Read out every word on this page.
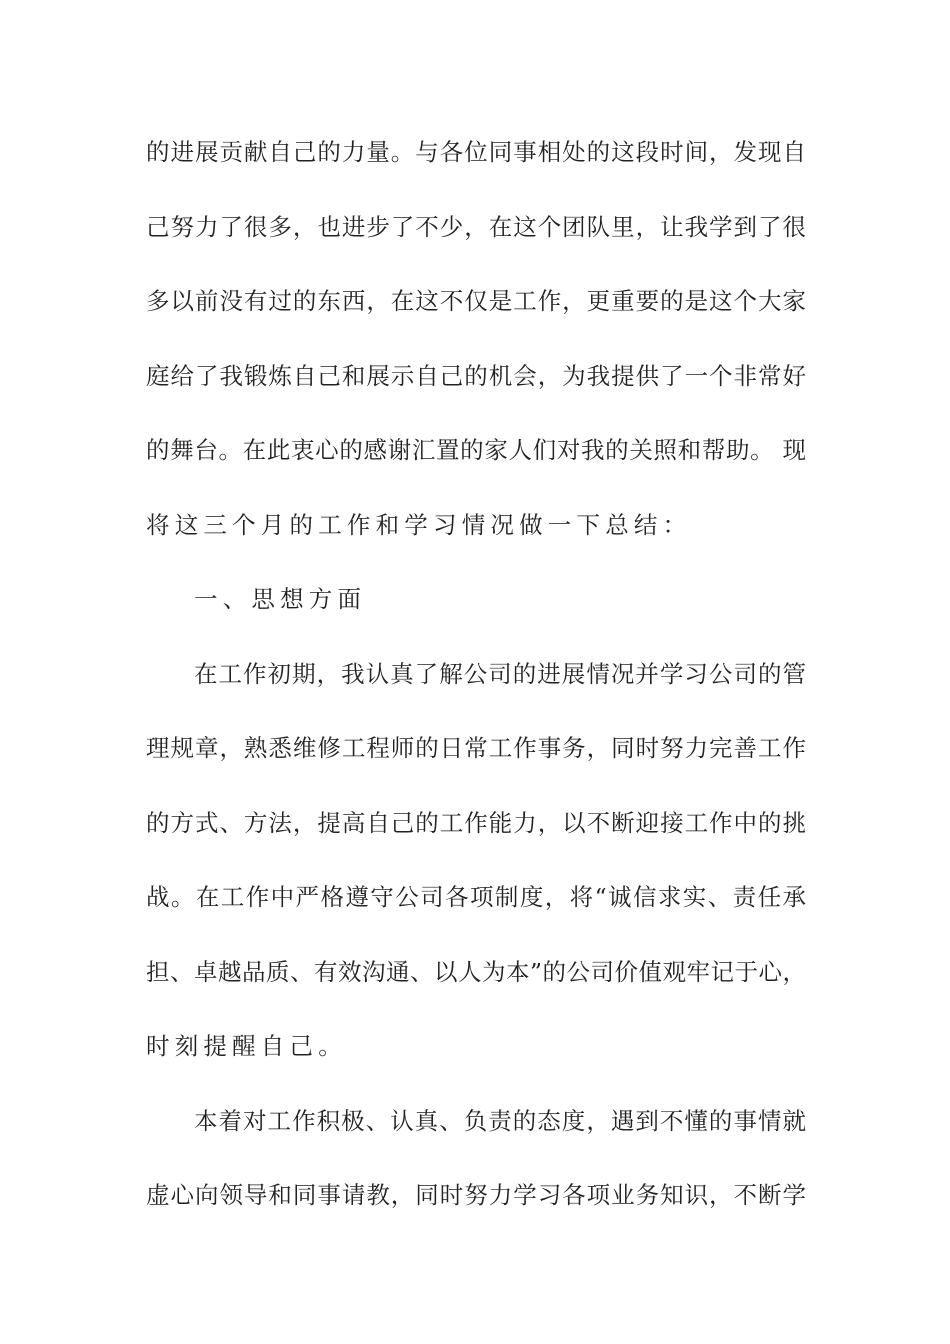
的进展贡献自己的力量。与各位同事相处的这段时间，发现自
己努力了很多，也进步了不少，在这个团队里，让我学到了很
多以前没有过的东西，在这不仅是工作，更重要的是这个大家
庭给了我锻炼自己和展示自己的机会，为我提供了一个非常好
的舞台。在此衷心的感谢汇置的家人们对我的关照和帮助。 现
将这三个月的工作和学习情况做一下总结：
一、思想方面
在工作初期，我认真了解公司的进展情况并学习公司的管
理规章，熟悉维修工程师的日常工作事务，同时努力完善工作
的方式、方法，提高自己的工作能力，以不断迎接工作中的挑
战。在工作中严格遵守公司各项制度，将“诚信求实、责任承
担、卓越品质、有效沟通、以人为本”的公司价值观牢记于心，
时刻提醒自己。
本着对工作积极、认真、负责的态度，遇到不懂的事情就
虚心向领导和同事请教，同时努力学习各项业务知识，不断学
